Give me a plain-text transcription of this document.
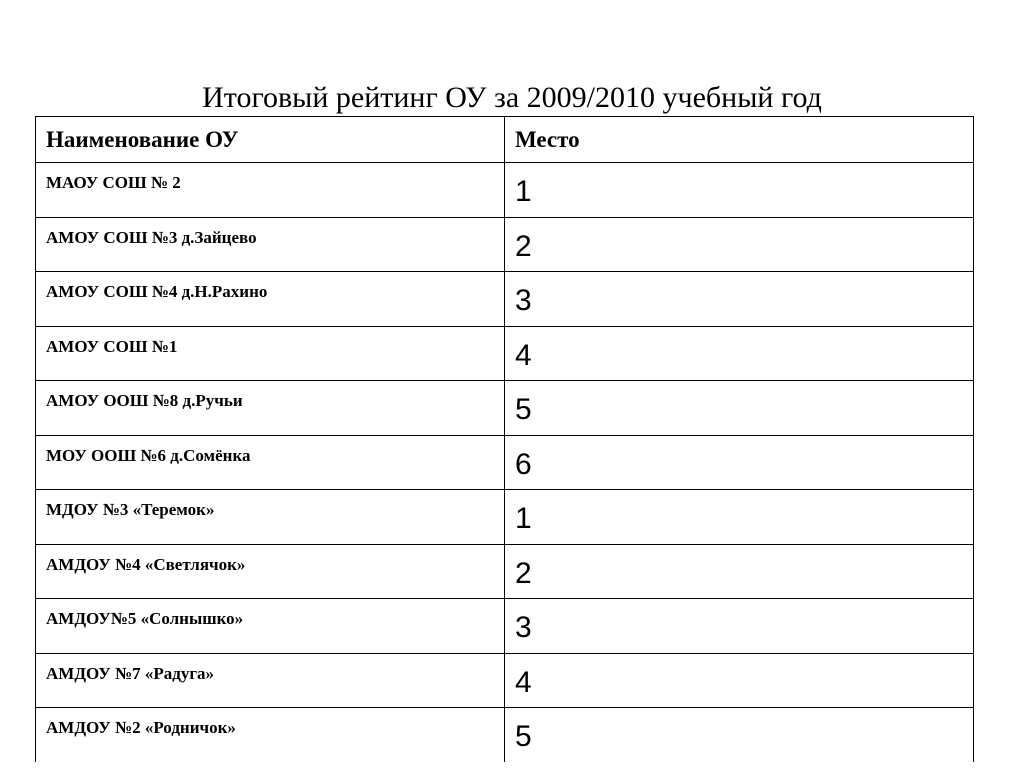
Итоговый рейтинг ОУ за 2009/2010 учебный год
Наименование ОУ	Место
МАОУ СОШ № 2	1
АМОУ СОШ №3 д.Зайцево	2
АМОУ СОШ №4 д.Н.Рахино	3
АМОУ СОШ №1	4
АМОУ ООШ №8 д.Ручьи	5
МОУ ООШ №6 д.Сомёнка	6
МДОУ №3 «Теремок»	1
АМДОУ №4 «Светлячок»	2
АМДОУ№5 «Солнышко»	3
АМДОУ №7 «Радуга»	4
АМДОУ №2 «Родничок»	5
